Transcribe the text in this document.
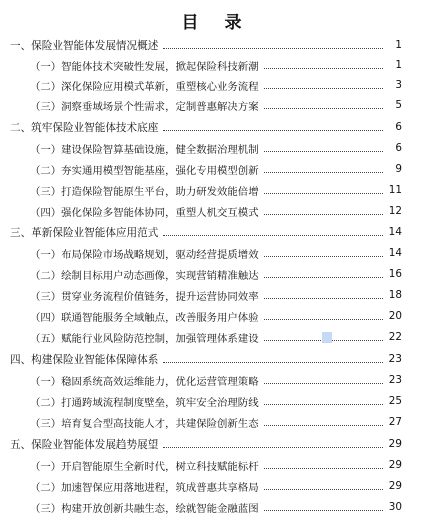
目 录
一、保险业智能体发展情况概述	1
（一）智能体技术突破性发展，掀起保险科技新潮	1
（二）深化保险应用模式革新，重塑核心业务流程	3
（三）洞察垂域场景个性需求，定制普惠解决方案	5
二、筑牢保险业智能体技术底座	6
（一）建设保险智算基础设施，健全数据治理机制	6
（二）夯实通用模型智能基座，强化专用模型创新	9
（三）打造保险智能原生平台，助力研发效能倍增	11
（四）强化保险多智能体协同，重塑人机交互模式	12
三、革新保险业智能体应用范式	14
（一）布局保险市场战略规划，驱动经营提质增效	14
（二）绘制目标用户动态画像，实现营销精准触达	16
（三）贯穿业务流程价值链务，提升运营协同效率	18
（四）联通智能服务全域触点，改善服务用户体验	20
（五）赋能行业风险防范控制，加强管理体系建设	22
四、构建保险业智能体保障体系	23
（一）稳固系统高效运维能力，优化运营管理策略	23
（二）打通跨域流程制度壁垒，筑牢安全治理防线	25
（三）培育复合型高技能人才，共建保险创新生态	27
五、保险业智能体发展趋势展望	29
（一）开启智能原生全新时代，树立科技赋能标杆	29
（二）加速智保应用落地进程，筑成普惠共享格局	29
（三）构建开放创新共融生态，绘就智能金融蓝图	30
